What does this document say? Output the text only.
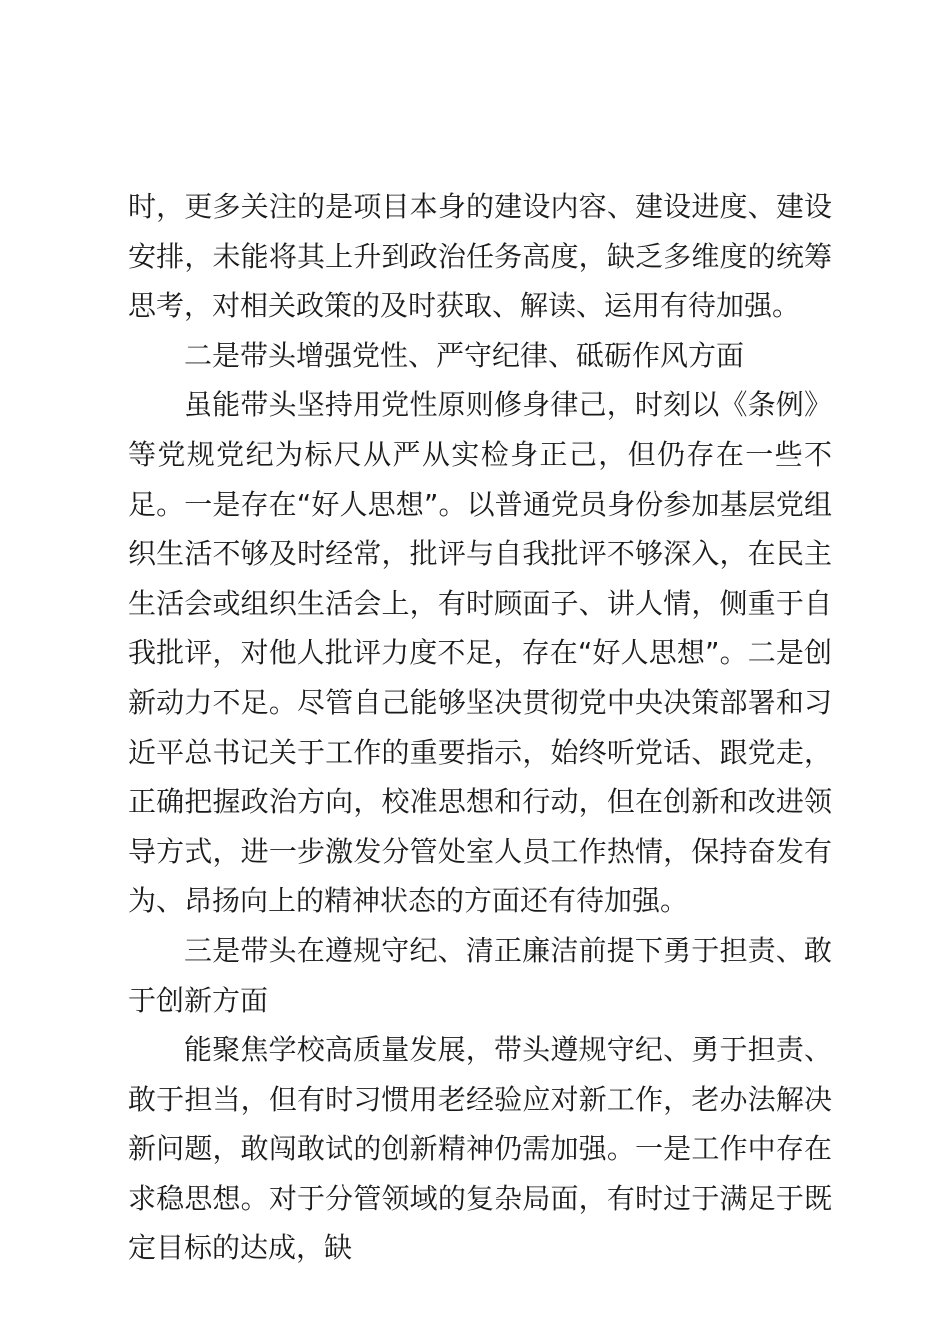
时，更多关注的是项目本身的建设内容、建设进度、建设安排，未能将其上升到政治任务高度，缺乏多维度的统筹思考，对相关政策的及时获取、解读、运用有待加强。

二是带头增强党性、严守纪律、砥砺作风方面

虽能带头坚持用党性原则修身律己，时刻以《条例》等党规党纪为标尺从严从实检身正己，但仍存在一些不足。一是存在“好人思想”。以普通党员身份参加基层党组织生活不够及时经常，批评与自我批评不够深入，在民主生活会或组织生活会上，有时顾面子、讲人情，侧重于自我批评，对他人批评力度不足，存在“好人思想”。二是创新动力不足。尽管自己能够坚决贯彻党中央决策部署和习近平总书记关于工作的重要指示，始终听党话、跟党走，正确把握政治方向，校准思想和行动，但在创新和改进领导方式，进一步激发分管处室人员工作热情，保持奋发有为、昂扬向上的精神状态的方面还有待加强。

三是带头在遵规守纪、清正廉洁前提下勇于担责、敢于创新方面

能聚焦学校高质量发展，带头遵规守纪、勇于担责、敢于担当，但有时习惯用老经验应对新工作，老办法解决新问题，敢闯敢试的创新精神仍需加强。一是工作中存在求稳思想。对于分管领域的复杂局面，有时过于满足于既定目标的达成，缺
